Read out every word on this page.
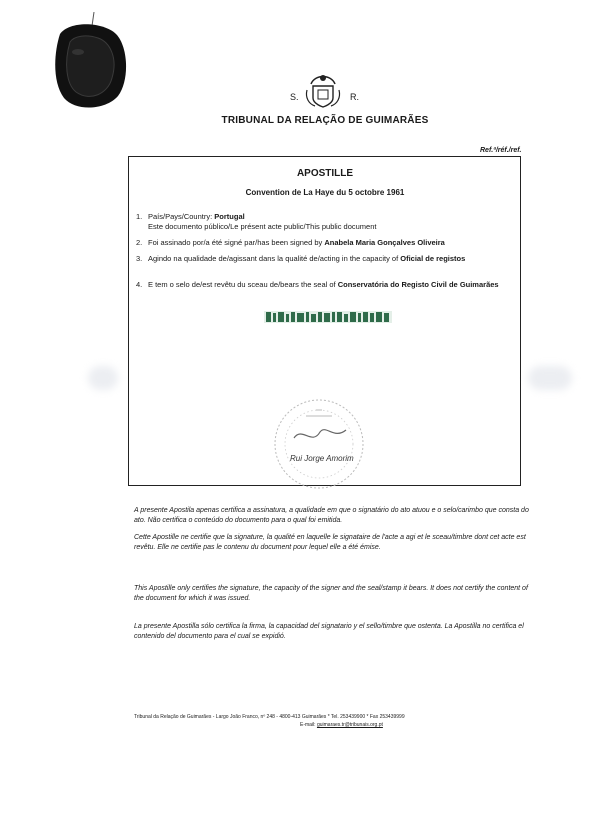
S.	R.
TRIBUNAL DA RELAÇÃO DE GUIMARÃES
Ref.ª/réf./ref.
APOSTILLE
Convention de La Haye du 5 octobre 1961
1. País/Pays/Country: Portugal
Este documento público/Le présent acte public/This public document
2. Foi assinado por/a été signé par/has been signed by Anabela Maria Gonçalves Oliveira
3. Agindo na qualidade de/agissant dans la qualité de/acting in the capacity of Oficial de registos
4. E tem o selo de/est revêtu du sceau de/bears the seal of Conservatória do Registo Civil de Guimarães
Rui Jorge Amorim
A presente Apostila apenas certifica a assinatura, a qualidade em que o signatário do ato atuou e o selo/carimbo que consta do ato. Não certifica o conteúdo do documento para o qual foi emitida.
Cette Apostille ne certifie que la signature, la qualité en laquelle le signataire de l'acte a agi et le sceau/timbre dont cet acte est revêtu. Elle ne certifie pas le contenu du document pour lequel elle a été émise.
This Apostille only certifies the signature, the capacity of the signer and the seal/stamp it bears. It does not certify the content of the document for which it was issued.
La presente Apostilla sólo certifica la firma, la capacidad del signatario y el sello/timbre que ostenta. La Apostilla no certifica el contenido del documento para el cual se expidió.
Tribunal da Relação de Guimarães - Largo João Franco, nº 248 - 4800-413 Guimarães * Tel. 253439900 * Fax 253439999
E-mail: guimaraes.tr@tribunais.org.pt
